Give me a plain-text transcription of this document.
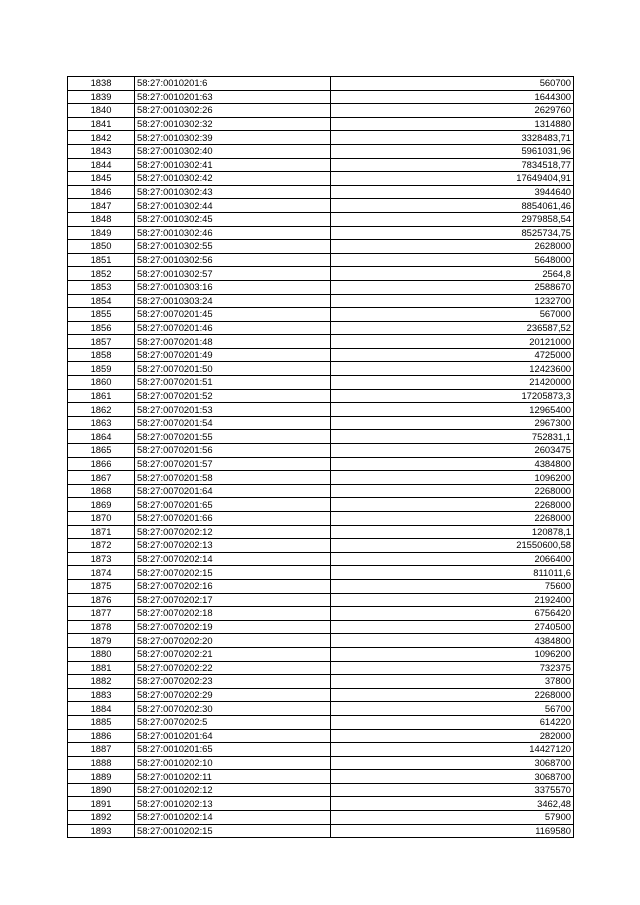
1838	58:27:0010201:6	560700
1839	58:27:0010201:63	1644300
1840	58:27:0010302:26	2629760
1841	58:27:0010302:32	1314880
1842	58:27:0010302:39	3328483,71
1843	58:27:0010302:40	5961031,96
1844	58:27:0010302:41	7834518,77
1845	58:27:0010302:42	17649404,91
1846	58:27:0010302:43	3944640
1847	58:27:0010302:44	8854061,46
1848	58:27:0010302:45	2979858,54
1849	58:27:0010302:46	8525734,75
1850	58:27:0010302:55	2628000
1851	58:27:0010302:56	5648000
1852	58:27:0010302:57	2564,8
1853	58:27:0010303:16	2588670
1854	58:27:0010303:24	1232700
1855	58:27:0070201:45	567000
1856	58:27:0070201:46	236587,52
1857	58:27:0070201:48	20121000
1858	58:27:0070201:49	4725000
1859	58:27:0070201:50	12423600
1860	58:27:0070201:51	21420000
1861	58:27:0070201:52	17205873,3
1862	58:27:0070201:53	12965400
1863	58:27:0070201:54	2967300
1864	58:27:0070201:55	752831,1
1865	58:27:0070201:56	2603475
1866	58:27:0070201:57	4384800
1867	58:27:0070201:58	1096200
1868	58:27:0070201:64	2268000
1869	58:27:0070201:65	2268000
1870	58:27:0070201:66	2268000
1871	58:27:0070202:12	120878,1
1872	58:27:0070202:13	21550600,58
1873	58:27:0070202:14	2066400
1874	58:27:0070202:15	811011,6
1875	58:27:0070202:16	75600
1876	58:27:0070202:17	2192400
1877	58:27:0070202:18	6756420
1878	58:27:0070202:19	2740500
1879	58:27:0070202:20	4384800
1880	58:27:0070202:21	1096200
1881	58:27:0070202:22	732375
1882	58:27:0070202:23	37800
1883	58:27:0070202:29	2268000
1884	58:27:0070202:30	56700
1885	58:27:0070202:5	614220
1886	58:27:0010201:64	282000
1887	58:27:0010201:65	14427120
1888	58:27:0010202:10	3068700
1889	58:27:0010202:11	3068700
1890	58:27:0010202:12	3375570
1891	58:27:0010202:13	3462,48
1892	58:27:0010202:14	57900
1893	58:27:0010202:15	1169580
